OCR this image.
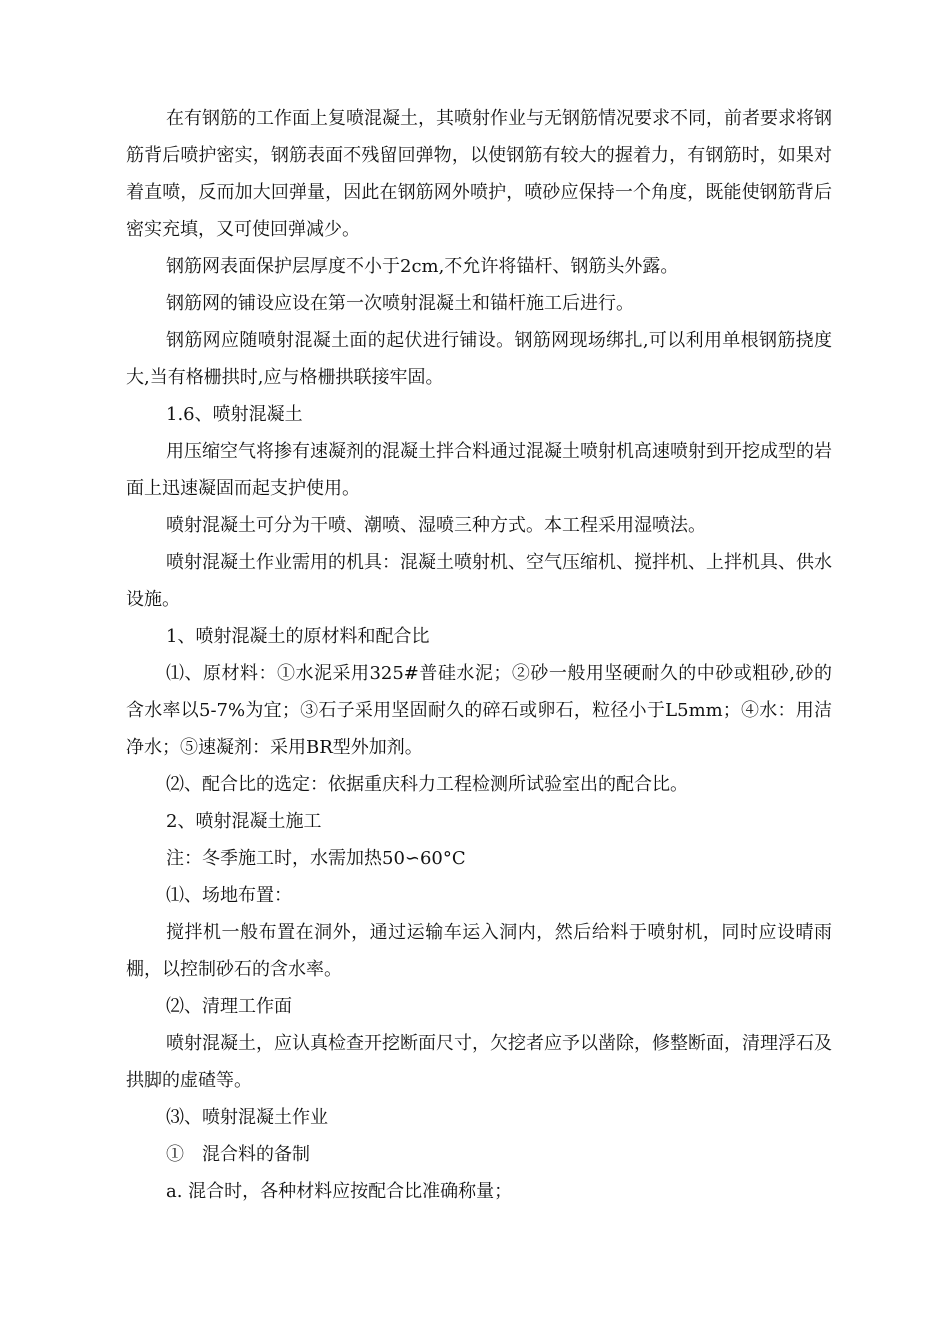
在有钢筋的工作面上复喷混凝土，其喷射作业与无钢筋情况要求不同，前者要求将钢筋背后喷护密实，钢筋表面不残留回弹物，以使钢筋有较大的握着力，有钢筋时，如果对着直喷，反而加大回弹量，因此在钢筋网外喷护，喷砂应保持一个角度，既能使钢筋背后密实充填，又可使回弹减少。

钢筋网表面保护层厚度不小于2cm,不允许将锚杆、钢筋头外露。

钢筋网的铺设应设在第一次喷射混凝土和锚杆施工后进行。

钢筋网应随喷射混凝土面的起伏进行铺设。钢筋网现场绑扎,可以利用单根钢筋挠度大,当有格栅拱时,应与格栅拱联接牢固。

1.6、喷射混凝土

用压缩空气将掺有速凝剂的混凝土拌合料通过混凝土喷射机高速喷射到开挖成型的岩面上迅速凝固而起支护使用。

喷射混凝土可分为干喷、潮喷、湿喷三种方式。本工程采用湿喷法。

喷射混凝土作业需用的机具：混凝土喷射机、空气压缩机、搅拌机、上拌机具、供水设施。

1、喷射混凝土的原材料和配合比

⑴、原材料：①水泥采用325#普硅水泥；②砂一般用坚硬耐久的中砂或粗砂,砂的含水率以5-7%为宜；③石子采用坚固耐久的碎石或卵石，粒径小于L5mm；④水：用洁净水；⑤速凝剂：采用BR型外加剂。

⑵、配合比的选定：依据重庆科力工程检测所试验室出的配合比。

2、喷射混凝土施工

注：冬季施工时，水需加热50∽60°C

⑴、场地布置：

搅拌机一般布置在洞外，通过运输车运入洞内，然后给料于喷射机，同时应设晴雨棚，以控制砂石的含水率。

⑵、清理工作面

喷射混凝土，应认真检查开挖断面尺寸，欠挖者应予以凿除，修整断面，清理浮石及拱脚的虚碴等。

⑶、喷射混凝土作业

①　混合料的备制

a. 混合时，各种材料应按配合比准确称量；
